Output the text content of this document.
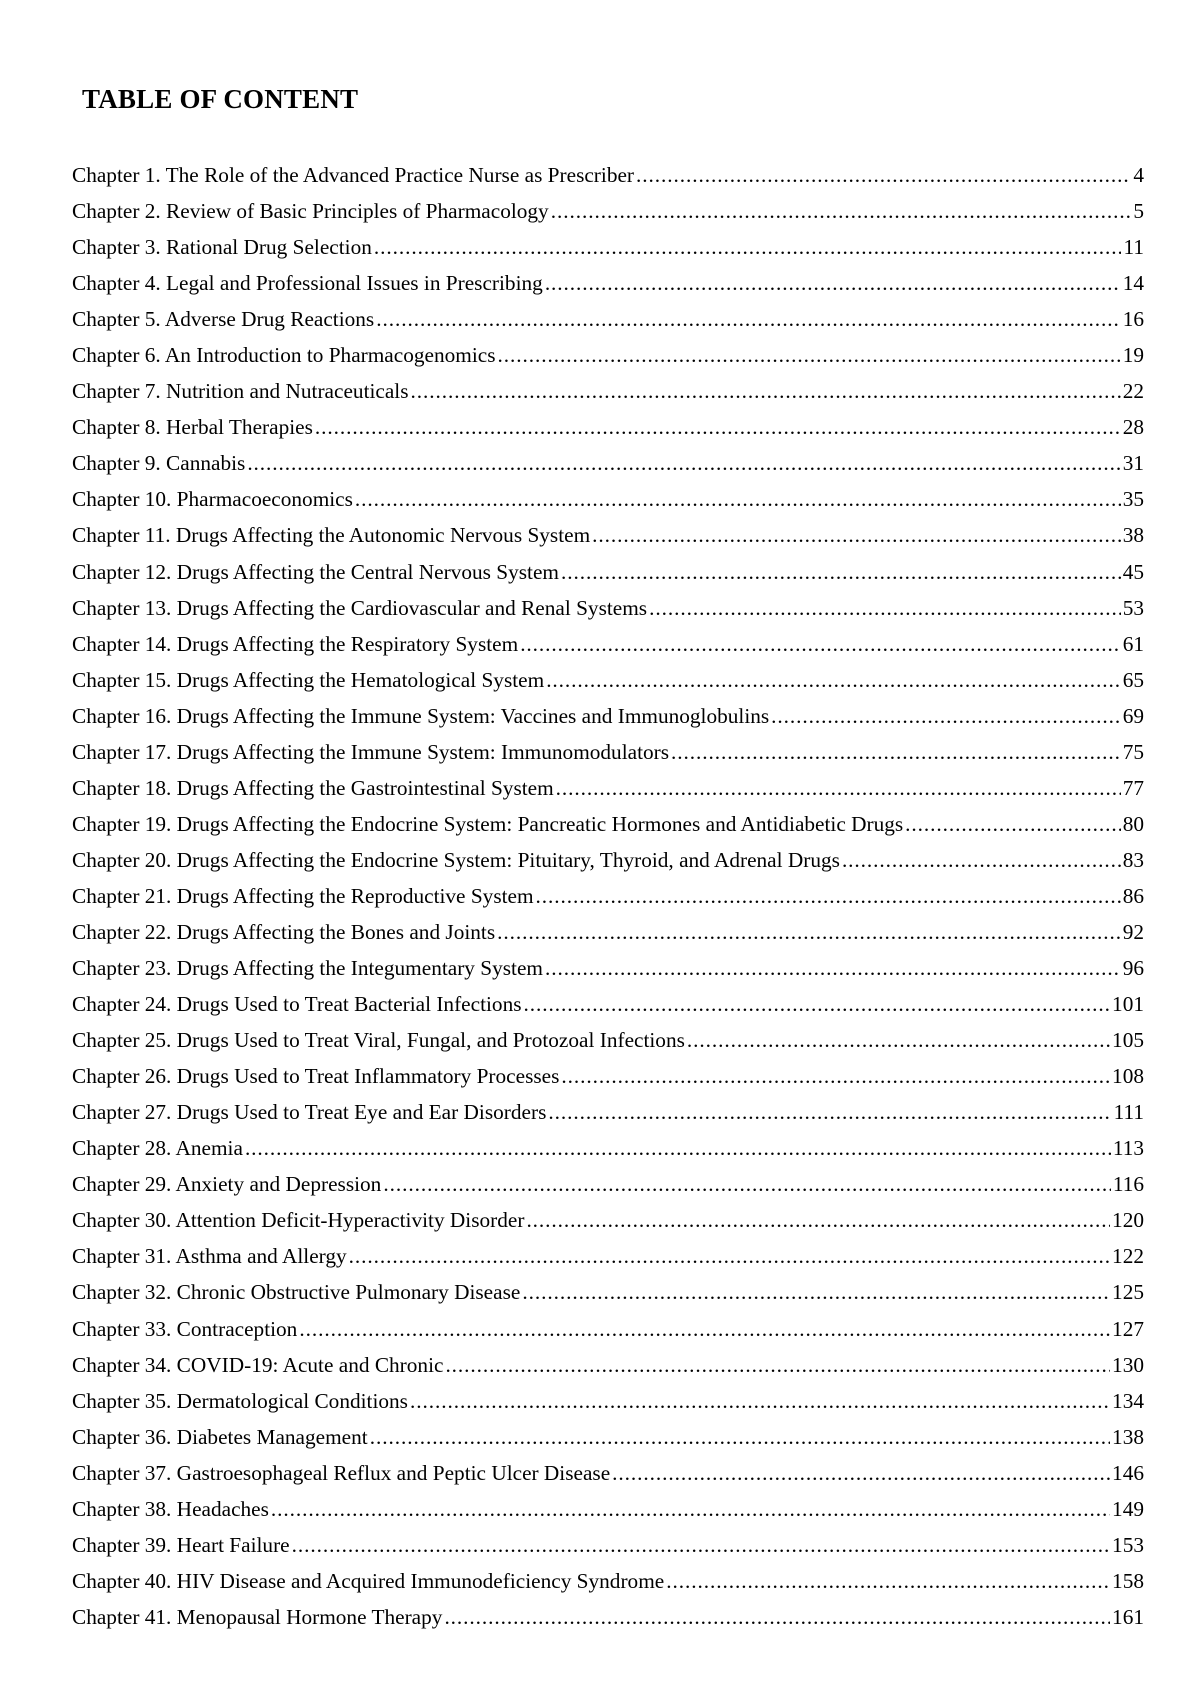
TABLE OF CONTENT
Chapter 1. The Role of the Advanced Practice Nurse as Prescriber . . .	4
Chapter 2. Review of Basic Principles of Pharmacology . . .	5
Chapter 3. Rational Drug Selection . . .	11
Chapter 4. Legal and Professional Issues in Prescribing . . .	14
Chapter 5. Adverse Drug Reactions . . .	16
Chapter 6. An Introduction to Pharmacogenomics . . .	19
Chapter 7. Nutrition and Nutraceuticals . . .	22
Chapter 8. Herbal Therapies . . .	28
Chapter 9. Cannabis . . .	31
Chapter 10. Pharmacoeconomics . . .	35
Chapter 11. Drugs Affecting the Autonomic Nervous System . . .	38
Chapter 12. Drugs Affecting the Central Nervous System . . .	45
Chapter 13. Drugs Affecting the Cardiovascular and Renal Systems . . .	53
Chapter 14. Drugs Affecting the Respiratory System . . .	61
Chapter 15. Drugs Affecting the Hematological System . . .	65
Chapter 16. Drugs Affecting the Immune System: Vaccines and Immunoglobulins . . .	69
Chapter 17. Drugs Affecting the Immune System: Immunomodulators . . .	75
Chapter 18. Drugs Affecting the Gastrointestinal System . . .	77
Chapter 19. Drugs Affecting the Endocrine System: Pancreatic Hormones and Antidiabetic Drugs . . .	80
Chapter 20. Drugs Affecting the Endocrine System: Pituitary, Thyroid, and Adrenal Drugs . . .	83
Chapter 21. Drugs Affecting the Reproductive System . . .	86
Chapter 22. Drugs Affecting the Bones and Joints . . .	92
Chapter 23. Drugs Affecting the Integumentary System . . .	96
Chapter 24. Drugs Used to Treat Bacterial Infections . . .	101
Chapter 25. Drugs Used to Treat Viral, Fungal, and Protozoal Infections . . .	105
Chapter 26. Drugs Used to Treat Inflammatory Processes . . .	108
Chapter 27. Drugs Used to Treat Eye and Ear Disorders . . .	111
Chapter 28. Anemia . . .	113
Chapter 29. Anxiety and Depression . . .	116
Chapter 30. Attention Deficit-Hyperactivity Disorder . . .	120
Chapter 31. Asthma and Allergy . . .	122
Chapter 32. Chronic Obstructive Pulmonary Disease . . .	125
Chapter 33. Contraception . . .	127
Chapter 34. COVID-19: Acute and Chronic . . .	130
Chapter 35. Dermatological Conditions . . .	134
Chapter 36. Diabetes Management . . .	138
Chapter 37. Gastroesophageal Reflux and Peptic Ulcer Disease . . .	146
Chapter 38. Headaches . . .	149
Chapter 39. Heart Failure . . .	153
Chapter 40. HIV Disease and Acquired Immunodeficiency Syndrome . . .	158
Chapter 41. Menopausal Hormone Therapy . . .	161
